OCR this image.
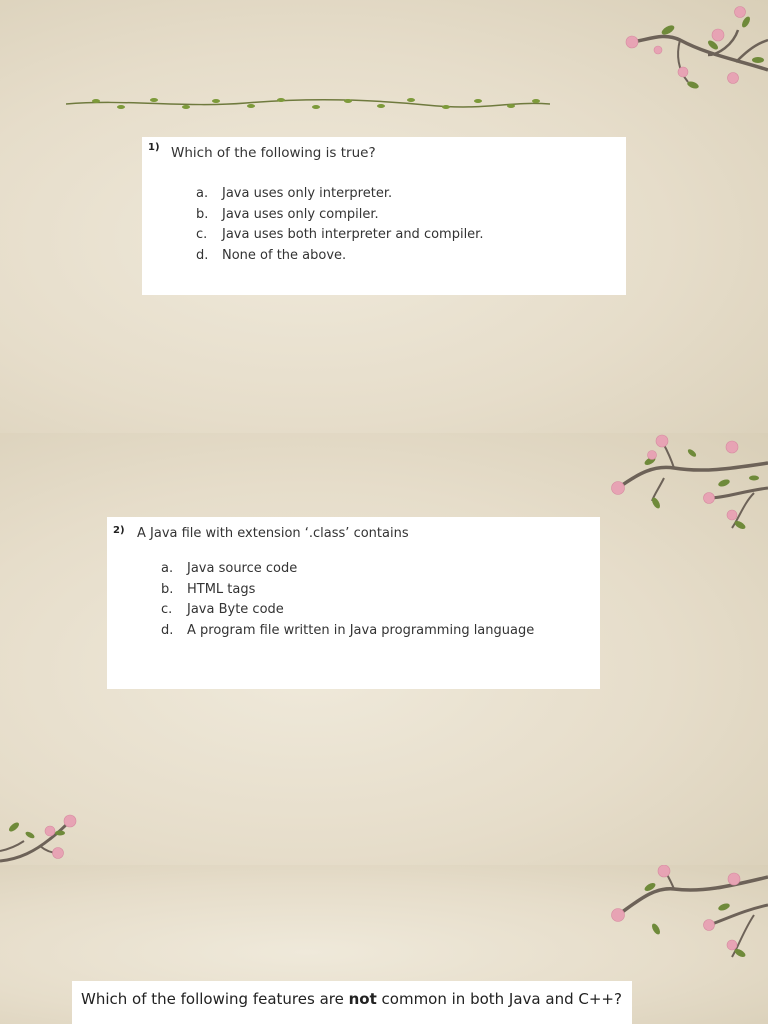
1) Which of the following is true?
a. Java uses only interpreter.
b. Java uses only compiler.
c. Java uses both interpreter and compiler.
d. None of the above.
2) A Java file with extension ‘.class’ contains
a. Java source code
b. HTML tags
c. Java Byte code
d. A program file written in Java programming language
Which of the following features are not common in both Java and C++?
